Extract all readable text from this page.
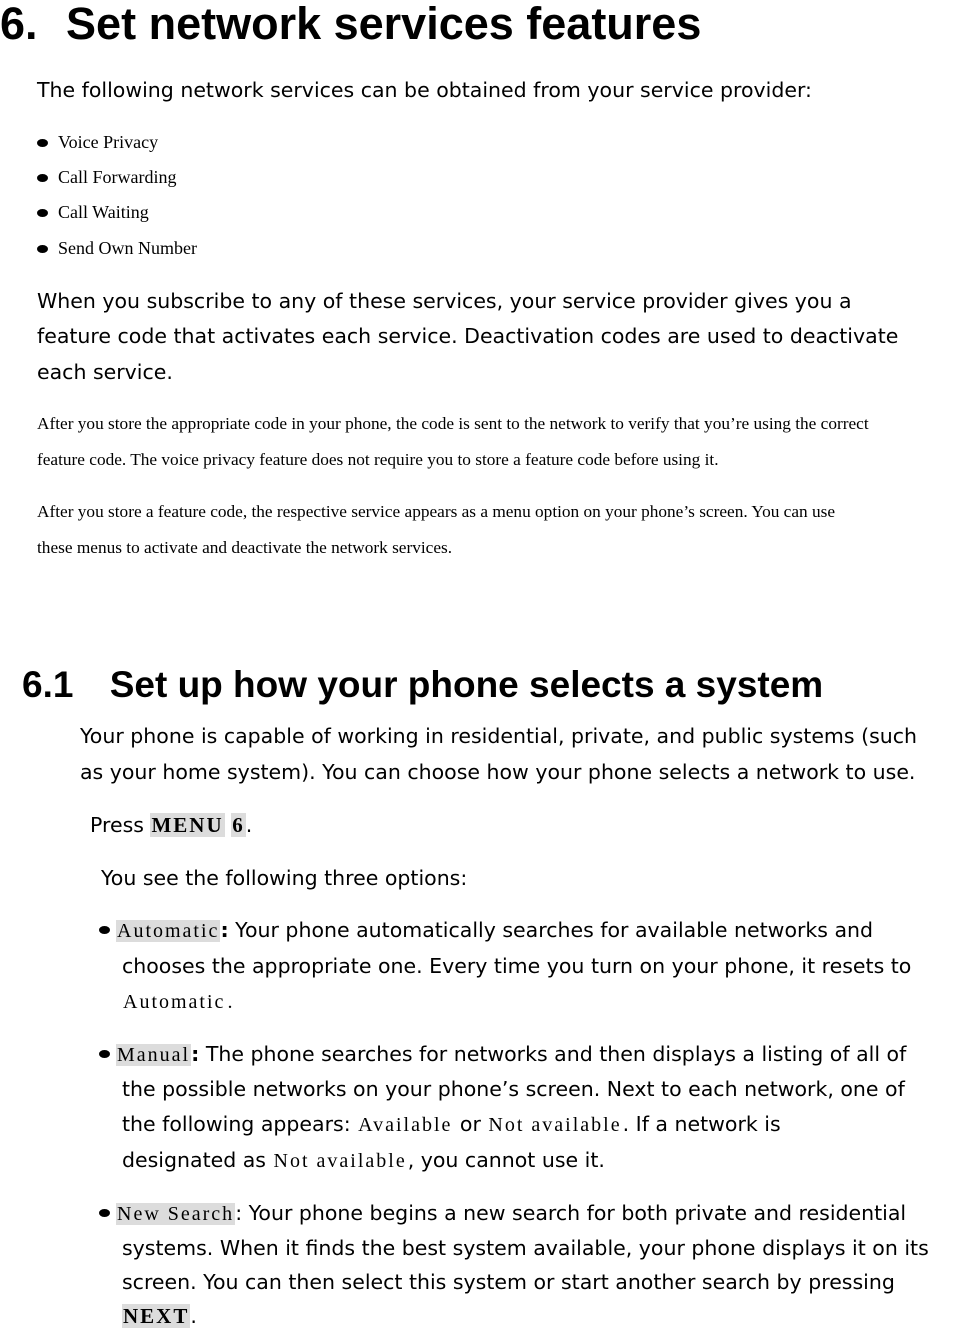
6. Set network services features
The following network services can be obtained from your service provider:
Voice Privacy
Call Forwarding
Call Waiting
Send Own Number
When you subscribe to any of these services, your service provider gives you a
feature code that activates each service. Deactivation codes are used to deactivate
each service.
After you store the appropriate code in your phone, the code is sent to the network to verify that you’re using the correct
feature code. The voice privacy feature does not require you to store a feature code before using it.
After you store a feature code, the respective service appears as a menu option on your phone’s screen. You can use
these menus to activate and deactivate the network services.
6.1 Set up how your phone selects a system
Your phone is capable of working in residential, private, and public systems (such
as your home system). You can choose how your phone selects a network to use.
Press MENU 6.
You see the following three options:
Automatic: Your phone automatically searches for available networks and
chooses the appropriate one. Every time you turn on your phone, it resets to
Automatic .
Manual: The phone searches for networks and then displays a listing of all of
the possible networks on your phone’s screen. Next to each network, one of
the following appears: Available or Not available. If a network is
designated as Not available, you cannot use it.
New Search: Your phone begins a new search for both private and residential
systems. When it finds the best system available, your phone displays it on its
screen. You can then select this system or start another search by pressing
NEXT.
